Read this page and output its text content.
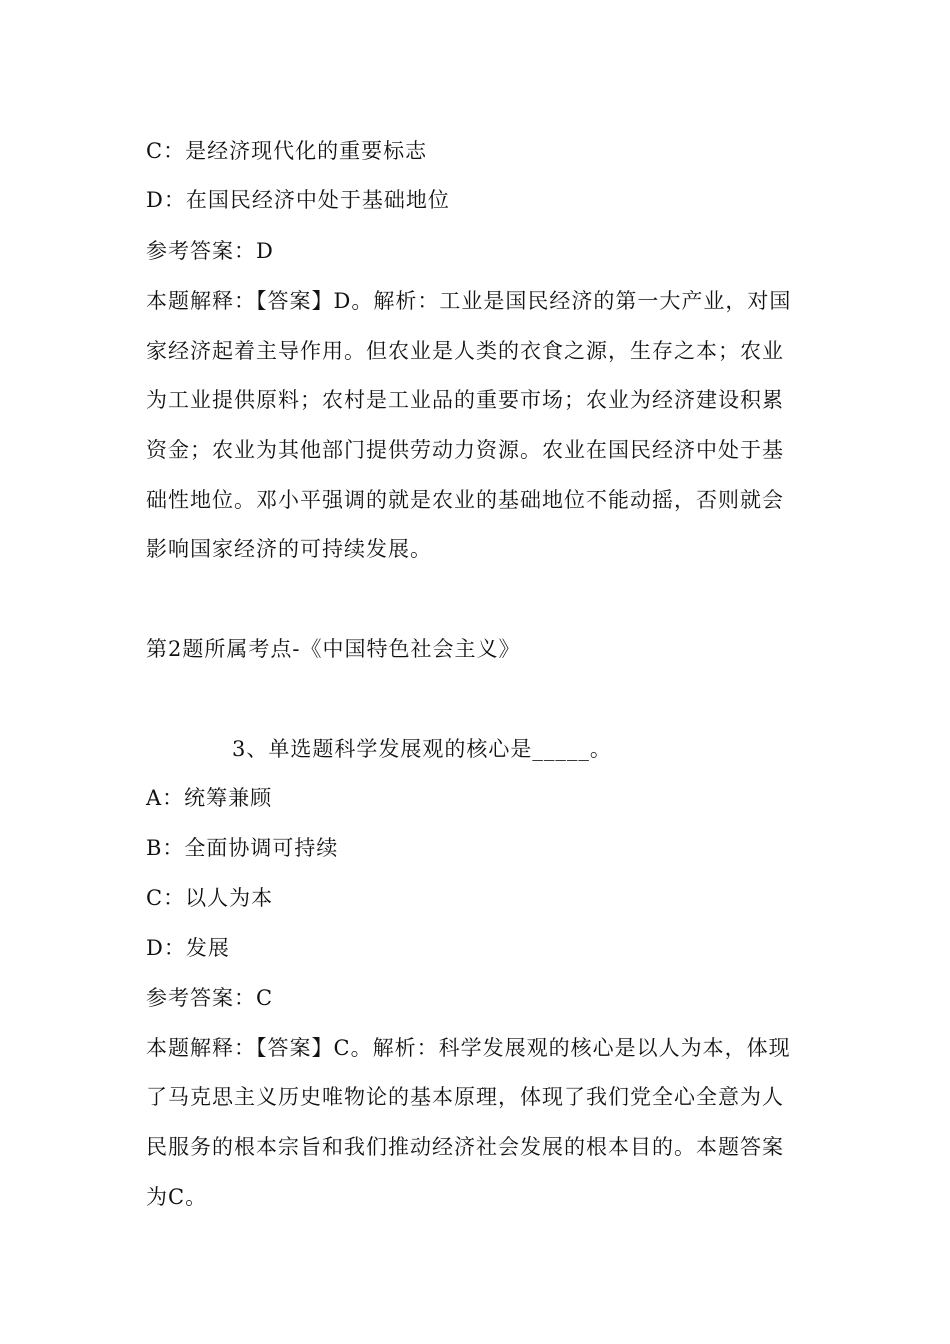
C：是经济现代化的重要标志
D：在国民经济中处于基础地位
参考答案：D
本题解释：【答案】D。解析：工业是国民经济的第一大产业，对国
家经济起着主导作用。但农业是人类的衣食之源，生存之本；农业
为工业提供原料；农村是工业品的重要市场；农业为经济建设积累
资金；农业为其他部门提供劳动力资源。农业在国民经济中处于基
础性地位。邓小平强调的就是农业的基础地位不能动摇，否则就会
影响国家经济的可持续发展。
第2题所属考点-《中国特色社会主义》
3、单选题科学发展观的核心是_____。
A：统筹兼顾
B：全面协调可持续
C：以人为本
D：发展
参考答案：C
本题解释：【答案】C。解析：科学发展观的核心是以人为本，体现
了马克思主义历史唯物论的基本原理，体现了我们党全心全意为人
民服务的根本宗旨和我们推动经济社会发展的根本目的。本题答案
为C。
